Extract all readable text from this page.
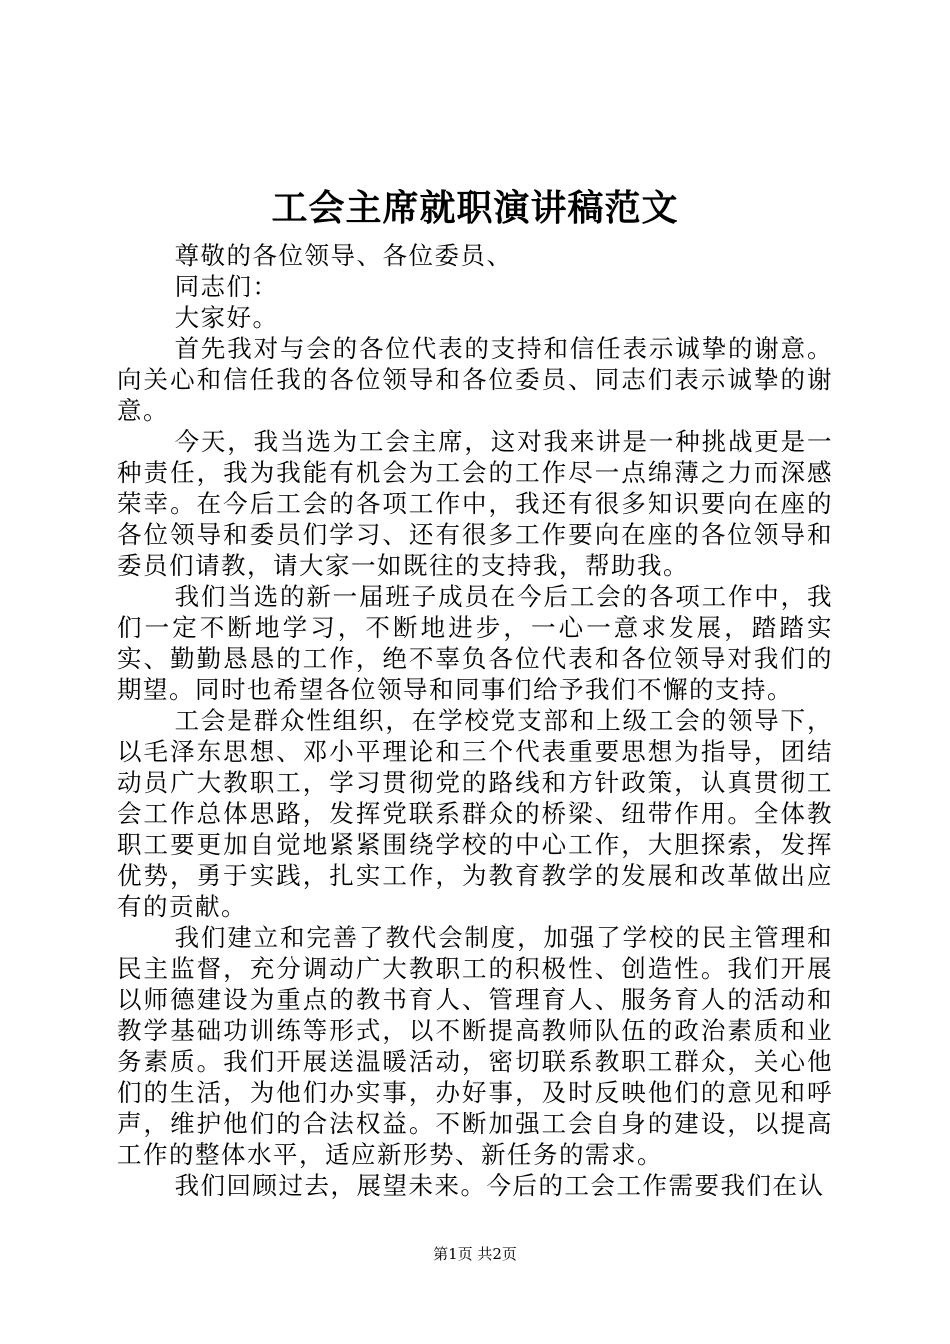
工会主席就职演讲稿范文

尊敬的各位领导、各位委员、

同志们：

大家好。

首先我对与会的各位代表的支持和信任表示诚挚的谢意。向关心和信任我的各位领导和各位委员、同志们表示诚挚的谢意。

今天，我当选为工会主席，这对我来讲是一种挑战更是一种责任，我为我能有机会为工会的工作尽一点绵薄之力而深感荣幸。在今后工会的各项工作中，我还有很多知识要向在座的各位领导和委员们学习、还有很多工作要向在座的各位领导和委员们请教，请大家一如既往的支持我，帮助我。

我们当选的新一届班子成员在今后工会的各项工作中，我们一定不断地学习，不断地进步，一心一意求发展，踏踏实实、勤勤恳恳的工作，绝不辜负各位代表和各位领导对我们的期望。同时也希望各位领导和同事们给予我们不懈的支持。

工会是群众性组织，在学校党支部和上级工会的领导下，以毛泽东思想、邓小平理论和三个代表重要思想为指导，团结动员广大教职工，学习贯彻党的路线和方针政策，认真贯彻工会工作总体思路，发挥党联系群众的桥梁、纽带作用。全体教职工要更加自觉地紧紧围绕学校的中心工作，大胆探索，发挥优势，勇于实践，扎实工作，为教育教学的发展和改革做出应有的贡献。

我们建立和完善了教代会制度，加强了学校的民主管理和民主监督，充分调动广大教职工的积极性、创造性。我们开展以师德建设为重点的教书育人、管理育人、服务育人的活动和教学基础功训练等形式，以不断提高教师队伍的政治素质和业务素质。我们开展送温暖活动，密切联系教职工群众，关心他们的生活，为他们办实事，办好事，及时反映他们的意见和呼声，维护他们的合法权益。不断加强工会自身的建设，以提高工作的整体水平，适应新形势、新任务的需求。

我们回顾过去，展望未来。今后的工会工作需要我们在认

第1页 共2页
